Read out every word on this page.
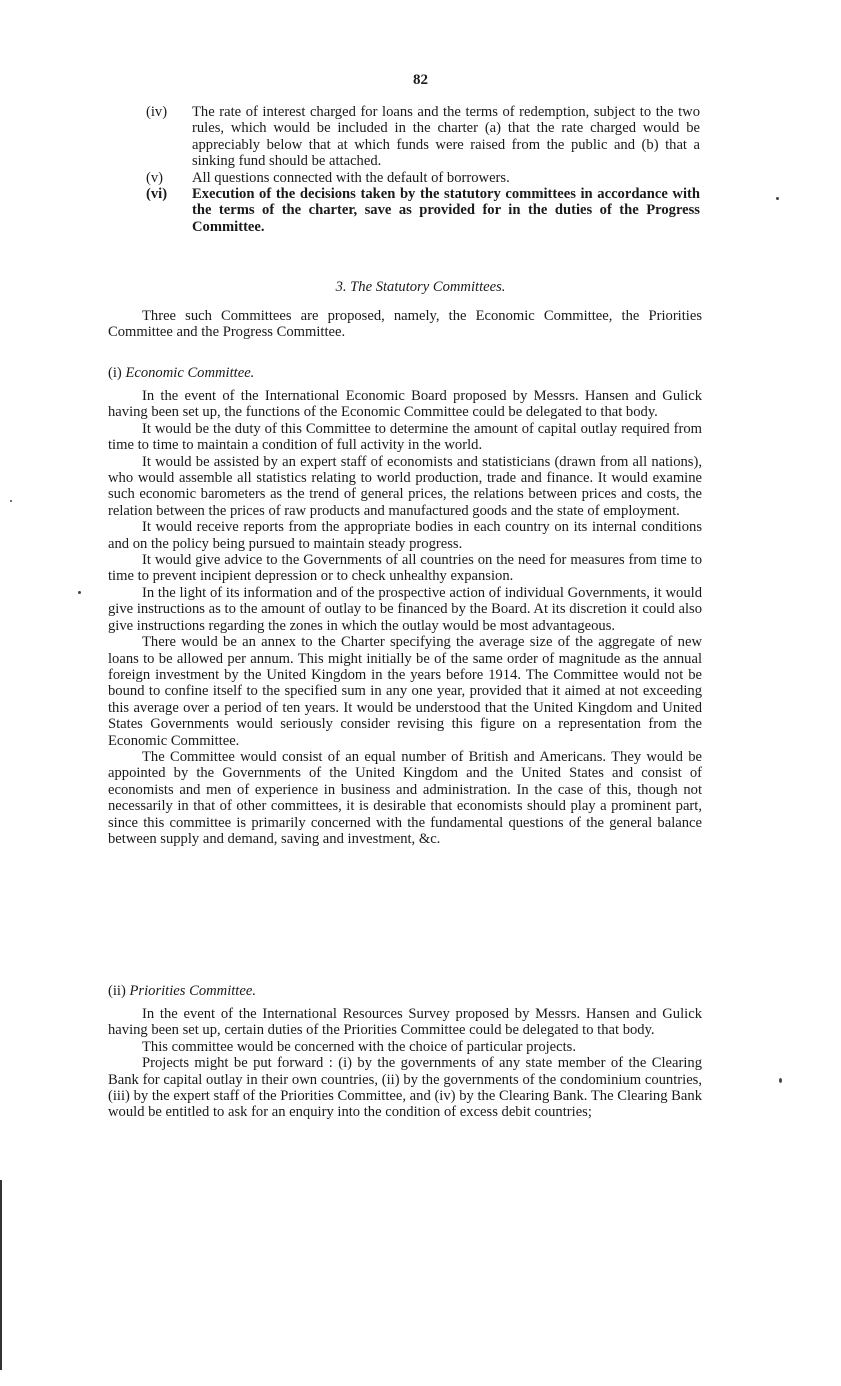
82
(iv)	The rate of interest charged for loans and the terms of redemption, subject to the two rules, which would be included in the charter (a) that the rate charged would be appreciably below that at which funds were raised from the public and (b) that a sinking fund should be attached.
(v)	All questions connected with the default of borrowers.
(vi)	Execution of the decisions taken by the statutory committees in accordance with the terms of the charter, save as provided for in the duties of the Progress Committee.
3. The Statutory Committees.

Three such Committees are proposed, namely, the Economic Committee, the Priorities Committee and the Progress Committee.

(i) Economic Committee.

In the event of the International Economic Board proposed by Messrs. Hansen and Gulick having been set up, the functions of the Economic Committee could be delegated to that body.

It would be the duty of this Committee to determine the amount of capital outlay required from time to time to maintain a condition of full activity in the world.

It would be assisted by an expert staff of economists and statisticians (drawn from all nations), who would assemble all statistics relating to world production, trade and finance. It would examine such economic barometers as the trend of general prices, the relations between prices and costs, the relation between the prices of raw products and manufactured goods and the state of employment.

It would receive reports from the appropriate bodies in each country on its internal conditions and on the policy being pursued to maintain steady progress.

It would give advice to the Governments of all countries on the need for measures from time to time to prevent incipient depression or to check unhealthy expansion.

In the light of its information and of the prospective action of individual Governments, it would give instructions as to the amount of outlay to be financed by the Board. At its discretion it could also give instructions regarding the zones in which the outlay would be most advantageous.

There would be an annex to the Charter specifying the average size of the aggregate of new loans to be allowed per annum. This might initially be of the same order of magnitude as the annual foreign investment by the United Kingdom in the years before 1914. The Committee would not be bound to confine itself to the specified sum in any one year, provided that it aimed at not exceeding this average over a period of ten years. It would be understood that the United Kingdom and United States Governments would seriously consider revising this figure on a representation from the Economic Committee.

The Committee would consist of an equal number of British and Americans. They would be appointed by the Governments of the United Kingdom and the United States and consist of economists and men of experience in business and administration. In the case of this, though not necessarily in that of other committees, it is desirable that economists should play a prominent part, since this committee is primarily concerned with the fundamental questions of the general balance between supply and demand, saving and investment, &c.

(ii) Priorities Committee.

In the event of the International Resources Survey proposed by Messrs. Hansen and Gulick having been set up, certain duties of the Priorities Committee could be delegated to that body.

This committee would be concerned with the choice of particular projects.

Projects might be put forward : (i) by the governments of any state member of the Clearing Bank for capital outlay in their own countries, (ii) by the governments of the condominium countries, (iii) by the expert staff of the Priorities Committee, and (iv) by the Clearing Bank. The Clearing Bank would be entitled to ask for an enquiry into the condition of excess debit countries;
